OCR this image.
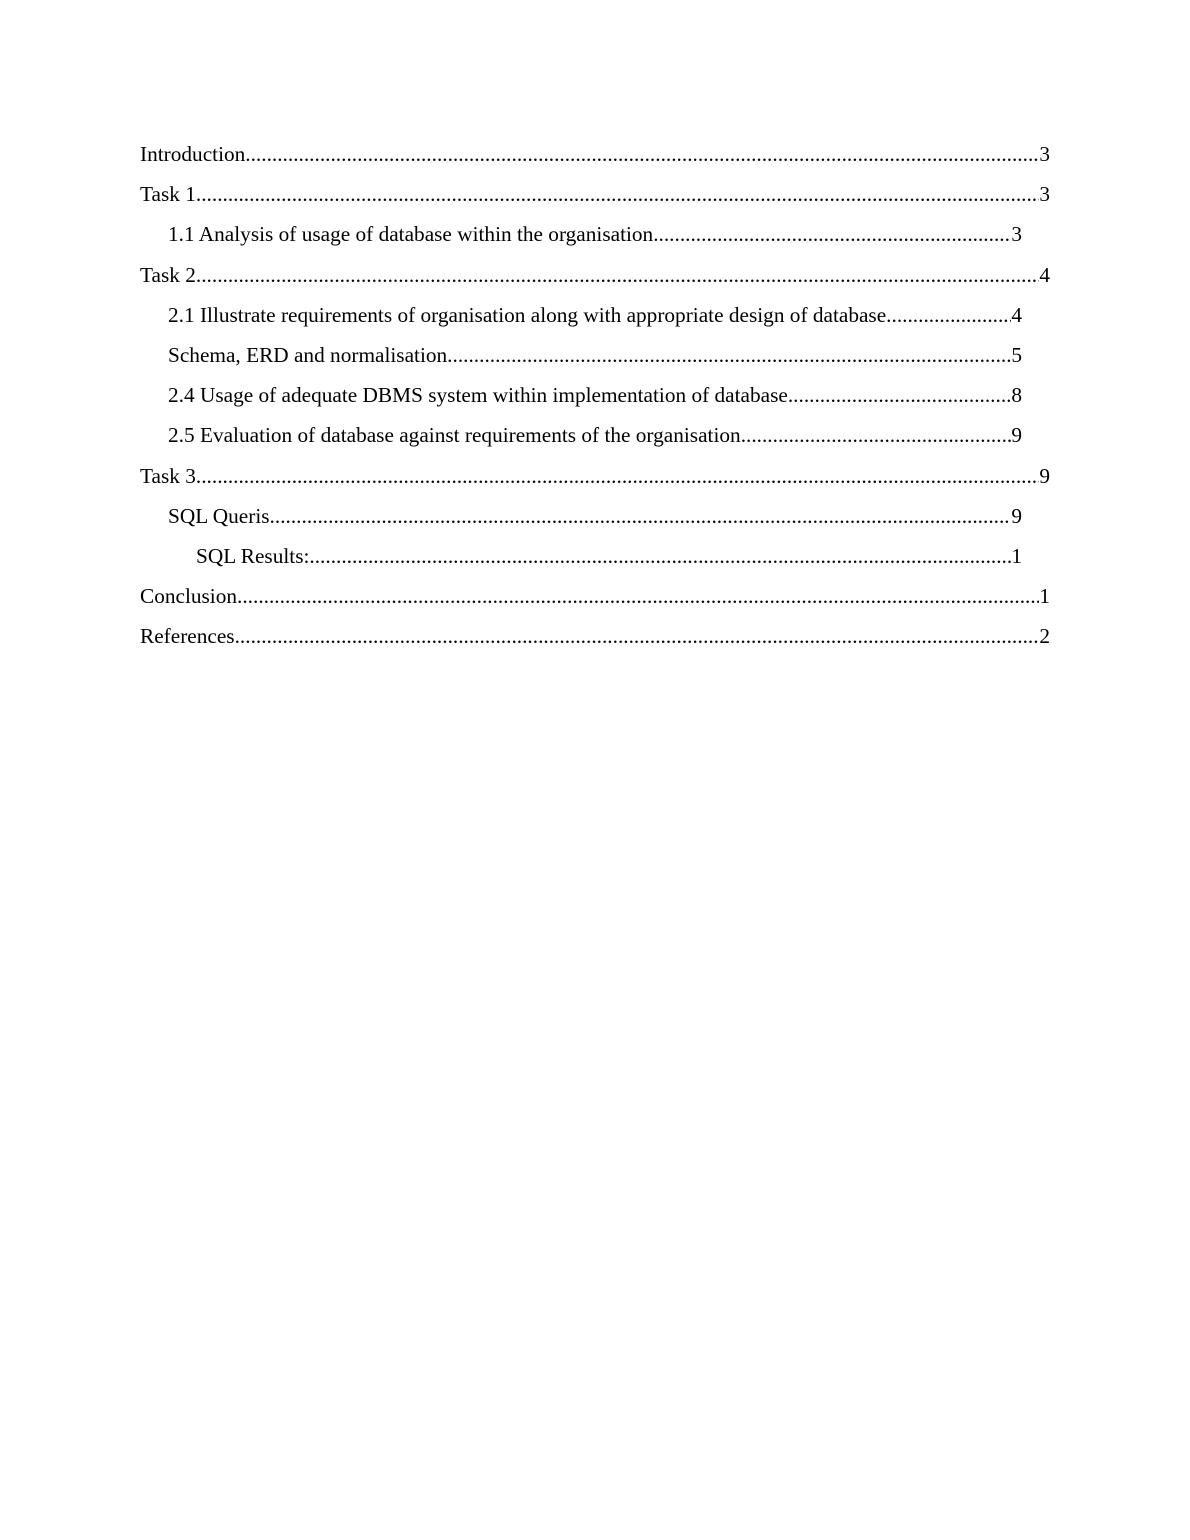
Introduction .....	3
Task 1 .....	3
1.1 Analysis of usage of database within the organisation .....	3
Task 2 .....	4
2.1 Illustrate requirements of organisation along with appropriate design of database .....	4
Schema, ERD and normalisation .....	5
2.4 Usage of adequate DBMS system within implementation of database .....	8
2.5 Evaluation of database against requirements of the organisation .....	9
Task 3 .....	9
SQL Queris .....	9
SQL Results: .....	1
Conclusion .....	1
References .....	2
